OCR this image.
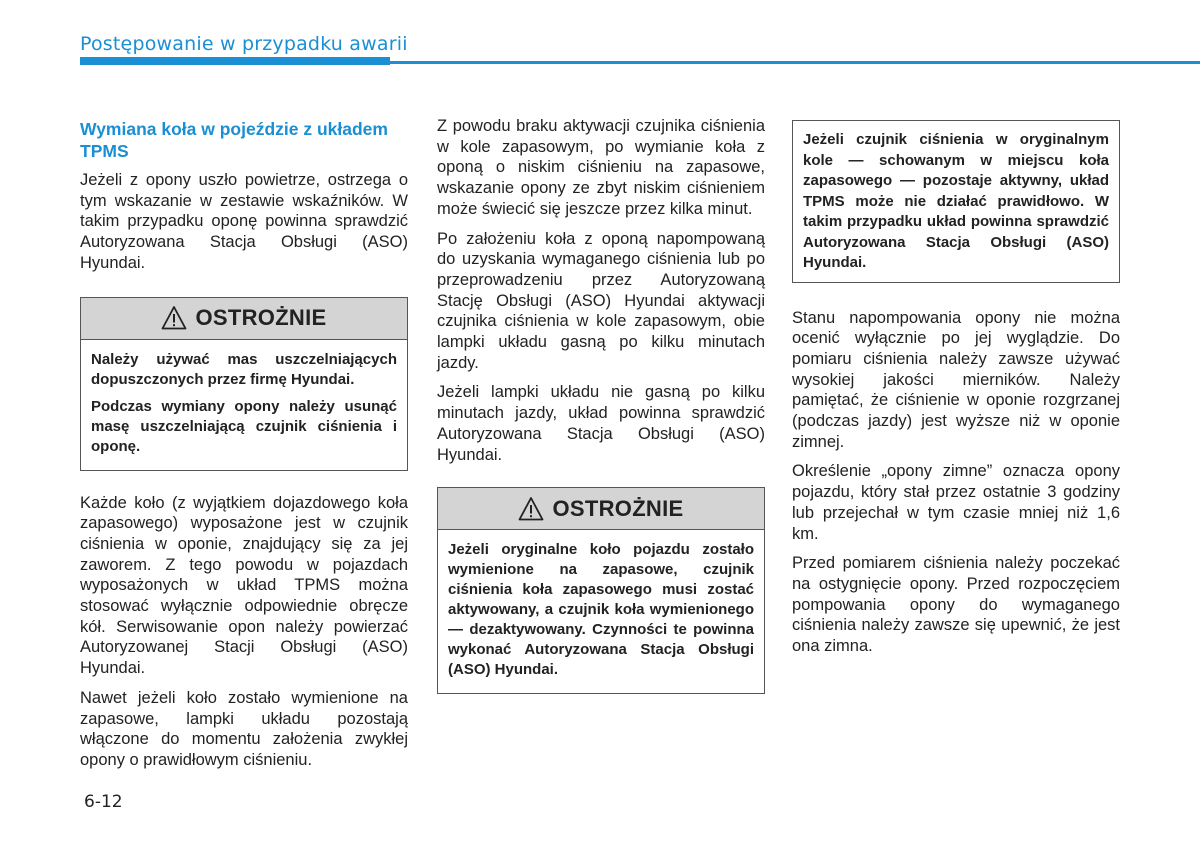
Postępowanie w przypadku awarii
Wymiana koła w pojeździe z układem TPMS

Jeżeli z opony uszło powietrze, ostrzega o tym wskazanie w zestawie wskaźników. W takim przypadku oponę powinna sprawdzić Autoryzowana Stacja Obsługi (ASO) Hyundai.

OSTROŻNIE

Należy używać mas uszczelniających dopuszczonych przez firmę Hyundai.

Podczas wymiany opony należy usunąć masę uszczelniającą czujnik ciśnienia i oponę.

Każde koło (z wyjątkiem dojazdowego koła zapasowego) wyposażone jest w czujnik ciśnienia w oponie, znajdujący się za jej zaworem. Z tego powodu w pojazdach wyposażonych w układ TPMS można stosować wyłącznie odpowiednie obręcze kół. Serwisowanie opon należy powierzać Autoryzowanej Stacji Obsługi (ASO) Hyundai.

Nawet jeżeli koło zostało wymienione na zapasowe, lampki układu pozostają włączone do momentu założenia zwykłej opony o prawidłowym ciśnieniu.

Z powodu braku aktywacji czujnika ciśnienia w kole zapasowym, po wymianie koła z oponą o niskim ciśnieniu na zapasowe, wskazanie opony ze zbyt niskim ciśnieniem może świecić się jeszcze przez kilka minut.

Po założeniu koła z oponą napompowaną do uzyskania wymaganego ciśnienia lub po przeprowadzeniu przez Autoryzowaną Stację Obsługi (ASO) Hyundai aktywacji czujnika ciśnienia w kole zapasowym, obie lampki układu gasną po kilku minutach jazdy.

Jeżeli lampki układu nie gasną po kilku minutach jazdy, układ powinna sprawdzić Autoryzowana Stacja Obsługi (ASO) Hyundai.

OSTROŻNIE

Jeżeli oryginalne koło pojazdu zostało wymienione na zapasowe, czujnik ciśnienia koła zapasowego musi zostać aktywowany, a czujnik koła wymienionego — dezaktywowany. Czynności te powinna wykonać Autoryzowana Stacja Obsługi (ASO) Hyundai.

Jeżeli czujnik ciśnienia w oryginalnym kole — schowanym w miejscu koła zapasowego — pozostaje aktywny, układ TPMS może nie działać prawidłowo. W takim przypadku układ powinna sprawdzić Autoryzowana Stacja Obsługi (ASO) Hyundai.

Stanu napompowania opony nie można ocenić wyłącznie po jej wyglądzie. Do pomiaru ciśnienia należy zawsze używać wysokiej jakości mierników. Należy pamiętać, że ciśnienie w oponie rozgrzanej (podczas jazdy) jest wyższe niż w oponie zimnej.

Określenie „opony zimne” oznacza opony pojazdu, który stał przez ostatnie 3 godziny lub przejechał w tym czasie mniej niż 1,6 km.

Przed pomiarem ciśnienia należy poczekać na ostygnięcie opony. Przed rozpoczęciem pompowania opony do wymaganego ciśnienia należy zawsze się upewnić, że jest ona zimna.

6-12
